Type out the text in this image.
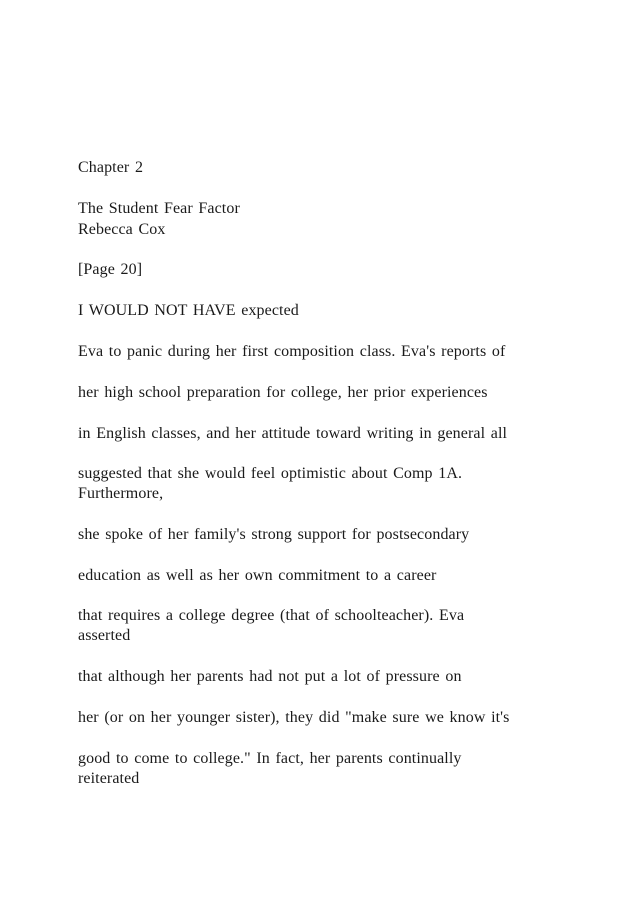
Chapter 2
The Student Fear Factor
Rebecca Cox
[Page 20]
I WOULD NOT HAVE expected
Eva to panic during her first composition class. Eva's reports of
her high school preparation for college, her prior experiences
in English classes, and her attitude toward writing in general all
suggested that she would feel optimistic about Comp 1A.
Furthermore,
she spoke of her family's strong support for postsecondary
education as well as her own commitment to a career
that requires a college degree (that of schoolteacher). Eva
asserted
that although her parents had not put a lot of pressure on
her (or on her younger sister), they did "make sure we know it's
good to come to college." In fact, her parents continually
reiterated
